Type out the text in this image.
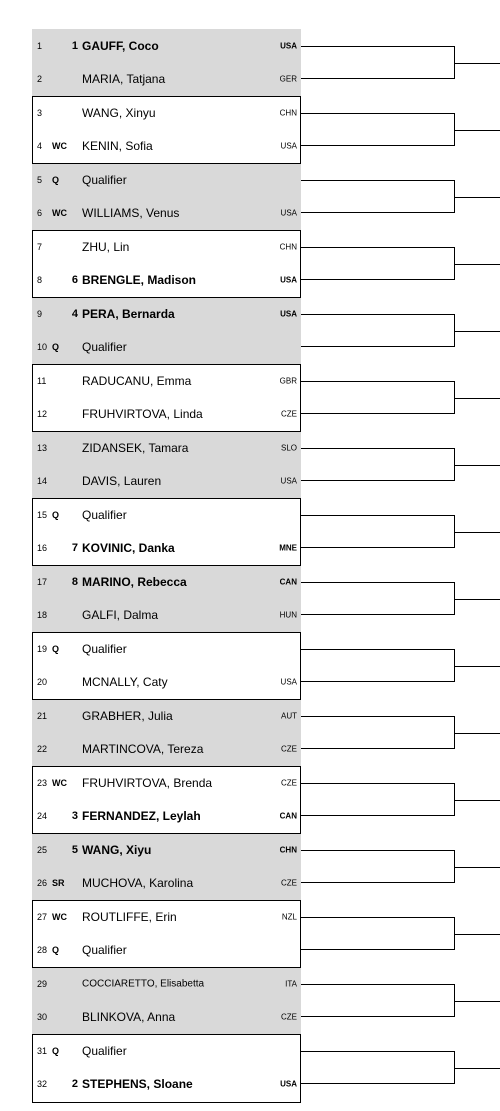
1	1 GAUFF, Coco	USA
2	MARIA, Tatjana	GER
3	WANG, Xinyu	CHN
4 WC KENIN, Sofia	USA
5 Q Qualifier
6 WC WILLIAMS, Venus	USA
7	ZHU, Lin	CHN
8	6 BRENGLE, Madison	USA
9	4 PERA, Bernarda	USA
10 Q Qualifier
11	RADUCANU, Emma	GBR
12	FRUHVIRTOVA, Linda	CZE
13	ZIDANSEK, Tamara	SLO
14	DAVIS, Lauren	USA
15 Q Qualifier
16	7 KOVINIC, Danka	MNE
17	8 MARINO, Rebecca	CAN
18	GALFI, Dalma	HUN
19 Q Qualifier
20	MCNALLY, Caty	USA
21	GRABHER, Julia	AUT
22	MARTINCOVA, Tereza	CZE
23 WC FRUHVIRTOVA, Brenda	CZE
24	3 FERNANDEZ, Leylah	CAN
25	5 WANG, Xiyu	CHN
26 SR MUCHOVA, Karolina	CZE
27 WC ROUTLIFFE, Erin	NZL
28 Q Qualifier
29	COCCIARETTO, Elisabetta	ITA
30	BLINKOVA, Anna	CZE
31 Q Qualifier
32	2 STEPHENS, Sloane	USA
